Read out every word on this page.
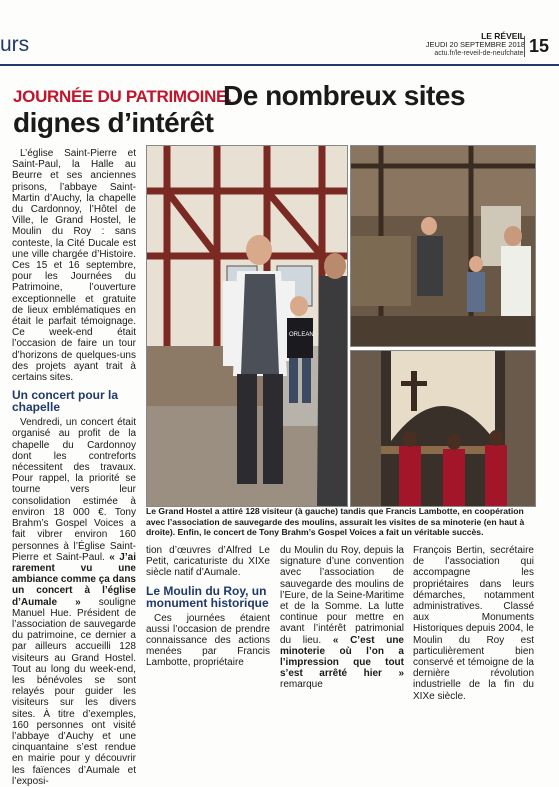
urs	LE RÉVEIL
JEUDI 20 SEPTEMBRE 2018
actu.fr/le-reveil-de-neufchatel 15
JOURNÉE DU PATRIMOINE.
De nombreux sites
dignes d’intérêt

L’église Saint-Pierre et Saint-Paul, la Halle au Beurre et ses anciennes prisons, l’abbaye Saint-Martin d’Auchy, la chapelle du Cardonnoy, l’Hôtel de Ville, le Grand Hostel, le Moulin du Roy : sans conteste, la Cité Ducale est une ville chargée d’Histoire. Ces 15 et 16 septembre, pour les Journées du Patrimoine, l’ouverture exceptionnelle et gratuite de lieux emblématiques en était le parfait témoignage. Ce week-end était l’occasion de faire un tour d’horizons de quelques-uns des projets ayant trait à certains sites.

Un concert pour la chapelle

Vendredi, un concert était organisé au profit de la chapelle du Cardonnoy dont les contreforts nécessitent des travaux. Pour rappel, la priorité se tourne vers leur consolidation estimée à environ 18 000 €. Tony Brahm’s Gospel Voices a fait vibrer environ 160 personnes à l’Église Saint-Pierre et Saint-Paul. « J’ai rarement vu une ambiance comme ça dans un concert à l’église d’Aumale » souligne Manuel Hue. Président de l’association de sauvegarde du patrimoine, ce dernier a par ailleurs accueilli 128 visiteurs au Grand Hostel. Tout au long du week-end, les bénévoles se sont relayés pour guider les visiteurs sur les divers sites. À titre d’exemples, 160 personnes ont visité l’abbaye d’Auchy et une cinquantaine s’est rendue en mairie pour y découvrir les faïences d’Aumale et l’exposi-

ORLEAN
Le Grand Hostel a attiré 128 visiteur (à gauche) tandis que Francis Lambotte, en coopération avec l’association de sauvegarde des moulins, assurait les visites de sa minoterie (en haut à droite). Enfin, le concert de Tony Brahm’s Gospel Voices a fait un véritable succès.

tion d’œuvres d’Alfred Le Petit, caricaturiste du XIXe siècle natif d’Aumale.

Le Moulin du Roy, un monument historique

Ces journées étaient aussi l’occasion de prendre connaissance des actions menées par Francis Lambotte, propriétaire

du Moulin du Roy, depuis la signature d’une convention avec l’association de sauvegarde des moulins de l’Eure, de la Seine-Maritime et de la Somme. La lutte continue pour mettre en avant l’intérêt patrimonial du lieu. « C’est une minoterie où l’on a l’impression que tout s’est arrêté hier » remarque

François Bertin, secrétaire de l’association qui accompagne les propriétaires dans leurs démarches, notamment administratives. Classé aux Monuments Historiques depuis 2004, le Moulin du Roy est particulièrement bien conservé et témoigne de la dernière révolution industrielle de la fin du XIXe siècle.
